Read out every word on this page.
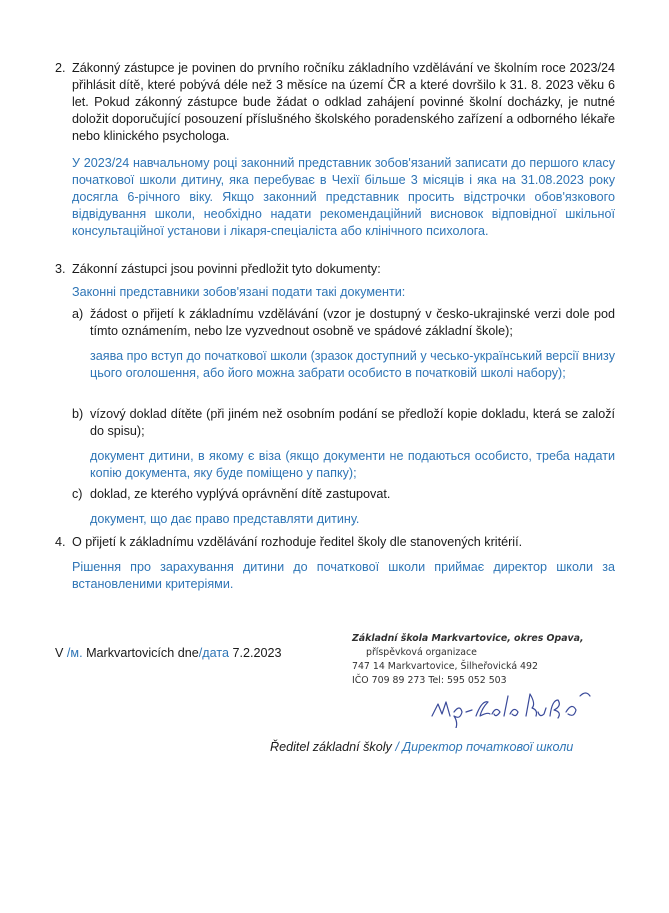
2. Zákonný zástupce je povinen do prvního ročníku základního vzdělávání ve školním roce 2023/24 přihlásit dítě, které pobývá déle než 3 měsíce na území ČR a které dovršilo k 31. 8. 2023 věku 6 let. Pokud zákonný zástupce bude žádat o odklad zahájení povinné školní docházky, je nutné doložit doporučující posouzení příslušného školského poradenského zařízení a odborného lékaře nebo klinického psychologa.
У 2023/24 навчальному році законний представник зобов'язаний записати до першого класу початкової школи дитину, яка перебуває в Чехії більше 3 місяців і яка на 31.08.2023 року досягла 6-річного віку. Якщо законний представник просить відстрочки обов'язкового відвідування школи, необхідно надати рекомендаційний висновок відповідної шкільної консультаційної установи і лікаря-спеціаліста або клінічного психолога.
3. Zákonní zástupci jsou povinni předložit tyto dokumenty:
Законні представники зобов'язані подати такі документи:
a) žádost o přijetí k základnímu vzdělávání (vzor je dostupný v česko-ukrajinské verzi dole pod tímto oznámením, nebo lze vyzvednout osobně ve spádové základní škole);
заява про вступ до початкової школи (зразок доступний у чесько-український версії внизу цього оголошення, або його можна забрати особисто в початковій школі набору);
b) vízový doklad dítěte (při jiném než osobním podání se předloží kopie dokladu, která se založí do spisu);
документ дитини, в якому є віза (якщо документи не подаються особисто, треба надати копію документа, яку буде поміщено у папку);
c) doklad, ze kterého vyplývá oprávnění dítě zastupovat.
документ, що дає право представляти дитину.
4. O přijetí k základnímu vzdělávání rozhoduje ředitel školy dle stanovených kritérií.
Рішення про зарахування дитини до початкової школи приймає директор школи за встановленими критеріями.
V /м. Markvartovicích dne/дата 7.2.2023
Základní škola Markvartovice, okres Opava,
příspěvková organizace
747 14 Markvartovice, Šilheřovická 492
IČO 709 89 273 Tel: 595 052 503
Ředitel základní školy / Директор початкової школи
